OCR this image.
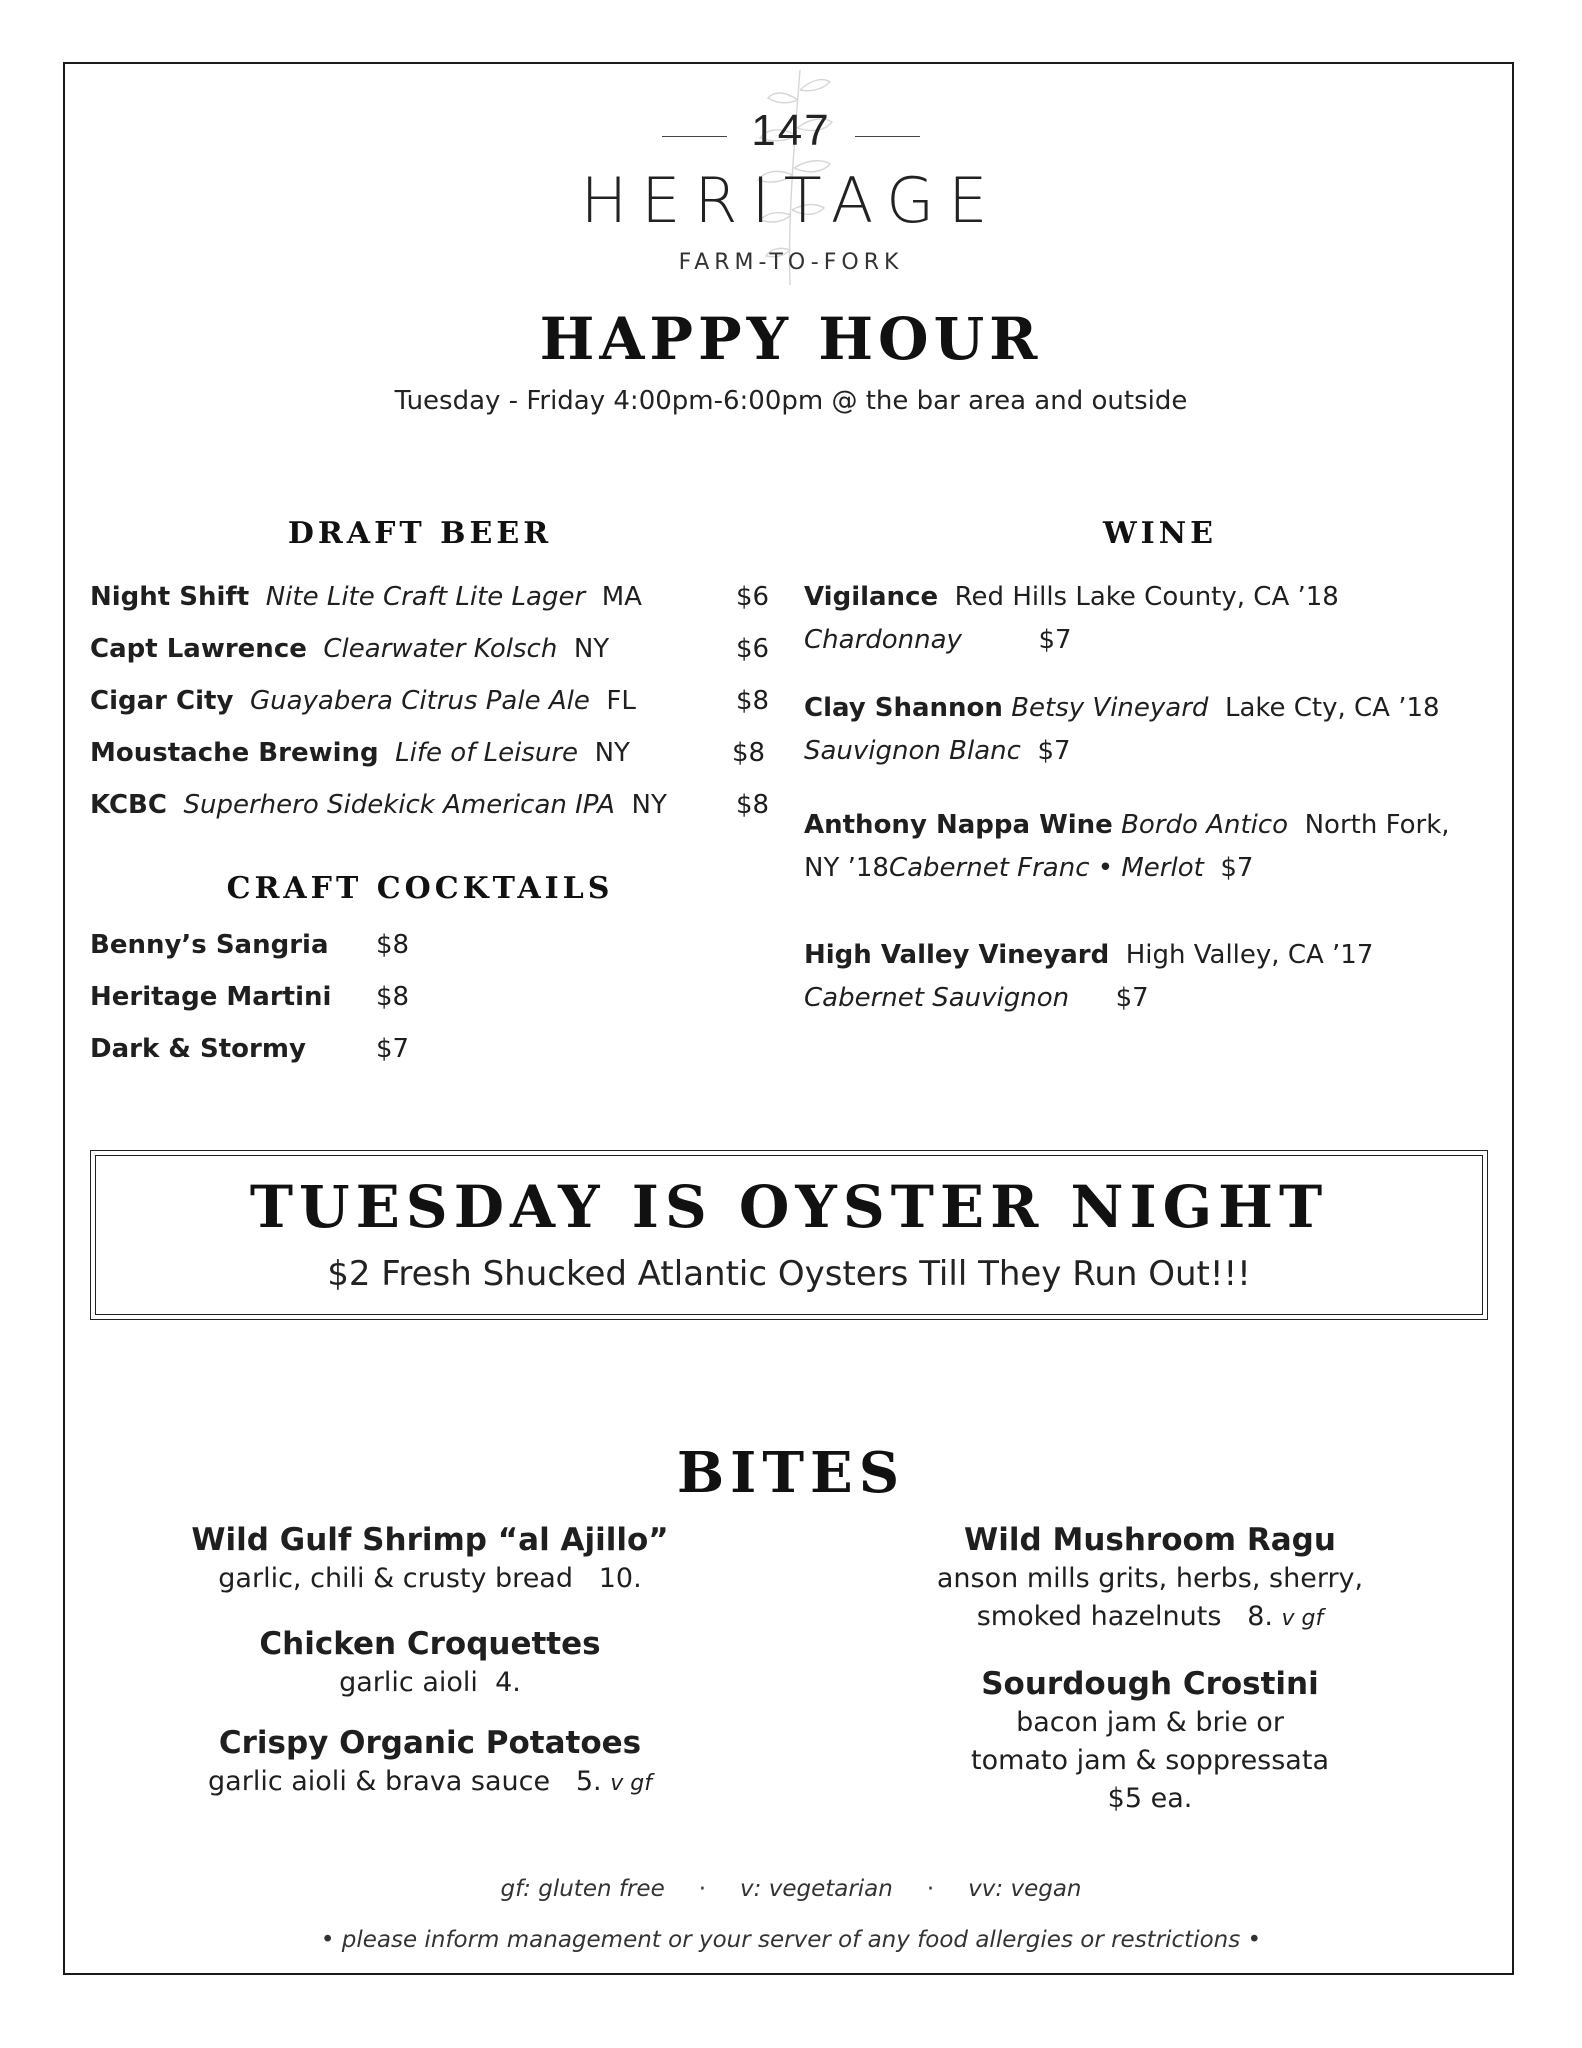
147
HERITAGE
FARM-TO-FORK
HAPPY HOUR
Tuesday - Friday 4:00pm-6:00pm @ the bar area and outside
DRAFT BEER
Night Shift Nite Lite Craft Lite Lager MA	$6
Capt Lawrence Clearwater Kolsch NY	$6
Cigar City Guayabera Citrus Pale Ale FL	$8
Moustache Brewing Life of Leisure NY	$8
KCBC Superhero Sidekick American IPA NY	$8
CRAFT COCKTAILS
Benny’s Sangria $8
Heritage Martini $8
Dark & Stormy	$7
WINE
Vigilance Red Hills Lake County, CA ’18
Chardonnay	$7
Clay Shannon Betsy Vineyard Lake Cty, CA ’18
Sauvignon Blanc $7
Anthony Nappa Wine Bordo Antico North Fork,
NY ’18Cabernet Franc • Merlot $7
High Valley Vineyard High Valley, CA ’17
Cabernet Sauvignon $7
TUESDAY IS OYSTER NIGHT
$2 Fresh Shucked Atlantic Oysters Till They Run Out!!!
BITES
Wild Gulf Shrimp “al Ajillo”
garlic, chili & crusty bread 10.
Chicken Croquettes
garlic aioli 4.
Crispy Organic Potatoes
garlic aioli & brava sauce 5. v gf
Wild Mushroom Ragu
anson mills grits, herbs, sherry,
smoked hazelnuts 8. v gf
Sourdough Crostini
bacon jam & brie or
tomato jam & soppressata
$5 ea.
gf: gluten free · v: vegetarian · vv: vegan
• please inform management or your server of any food allergies or restrictions •
